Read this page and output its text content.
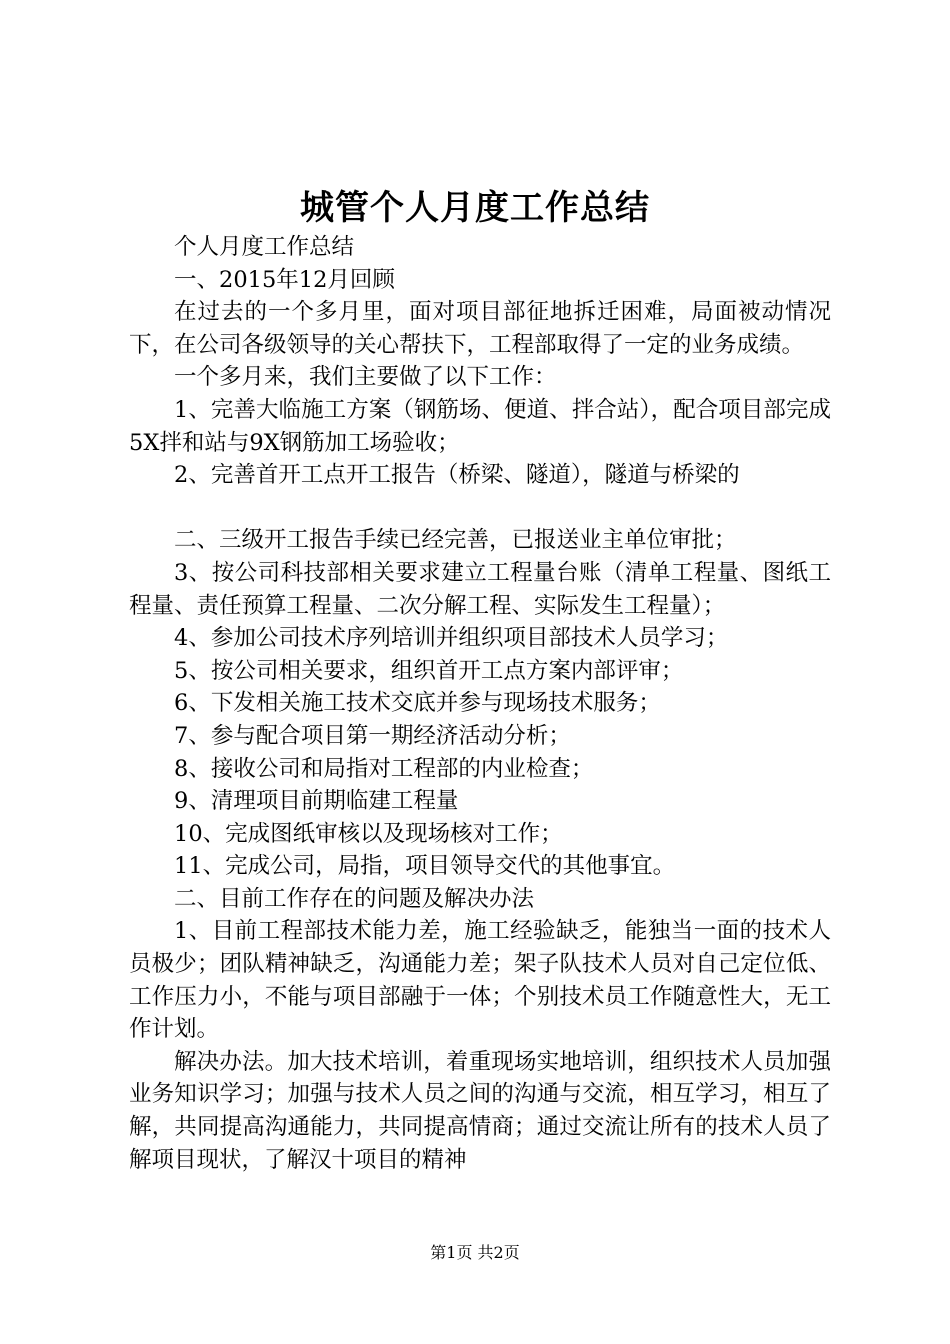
城管个人月度工作总结

个人月度工作总结

一、2015年12月回顾

在过去的一个多月里，面对项目部征地拆迁困难，局面被动情况下，在公司各级领导的关心帮扶下，工程部取得了一定的业务成绩。

一个多月来，我们主要做了以下工作：

1、完善大临施工方案（钢筋场、便道、拌合站），配合项目部完成5X拌和站与9X钢筋加工场验收；

2、完善首开工点开工报告（桥梁、隧道），隧道与桥梁的

二、三级开工报告手续已经完善，已报送业主单位审批；

3、按公司科技部相关要求建立工程量台账（清单工程量、图纸工程量、责任预算工程量、二次分解工程、实际发生工程量）；

4、参加公司技术序列培训并组织项目部技术人员学习；

5、按公司相关要求，组织首开工点方案内部评审；

6、下发相关施工技术交底并参与现场技术服务；

7、参与配合项目第一期经济活动分析；

8、接收公司和局指对工程部的内业检查；

9、清理项目前期临建工程量

10、完成图纸审核以及现场核对工作；

11、完成公司，局指，项目领导交代的其他事宜。

二、目前工作存在的问题及解决办法

1、目前工程部技术能力差，施工经验缺乏，能独当一面的技术人员极少；团队精神缺乏，沟通能力差；架子队技术人员对自己定位低、工作压力小，不能与项目部融于一体；个别技术员工作随意性大，无工作计划。

解决办法。加大技术培训，着重现场实地培训，组织技术人员加强业务知识学习；加强与技术人员之间的沟通与交流，相互学习，相互了解，共同提高沟通能力，共同提高情商；通过交流让所有的技术人员了解项目现状，了解汉十项目的精神

第1页 共2页
